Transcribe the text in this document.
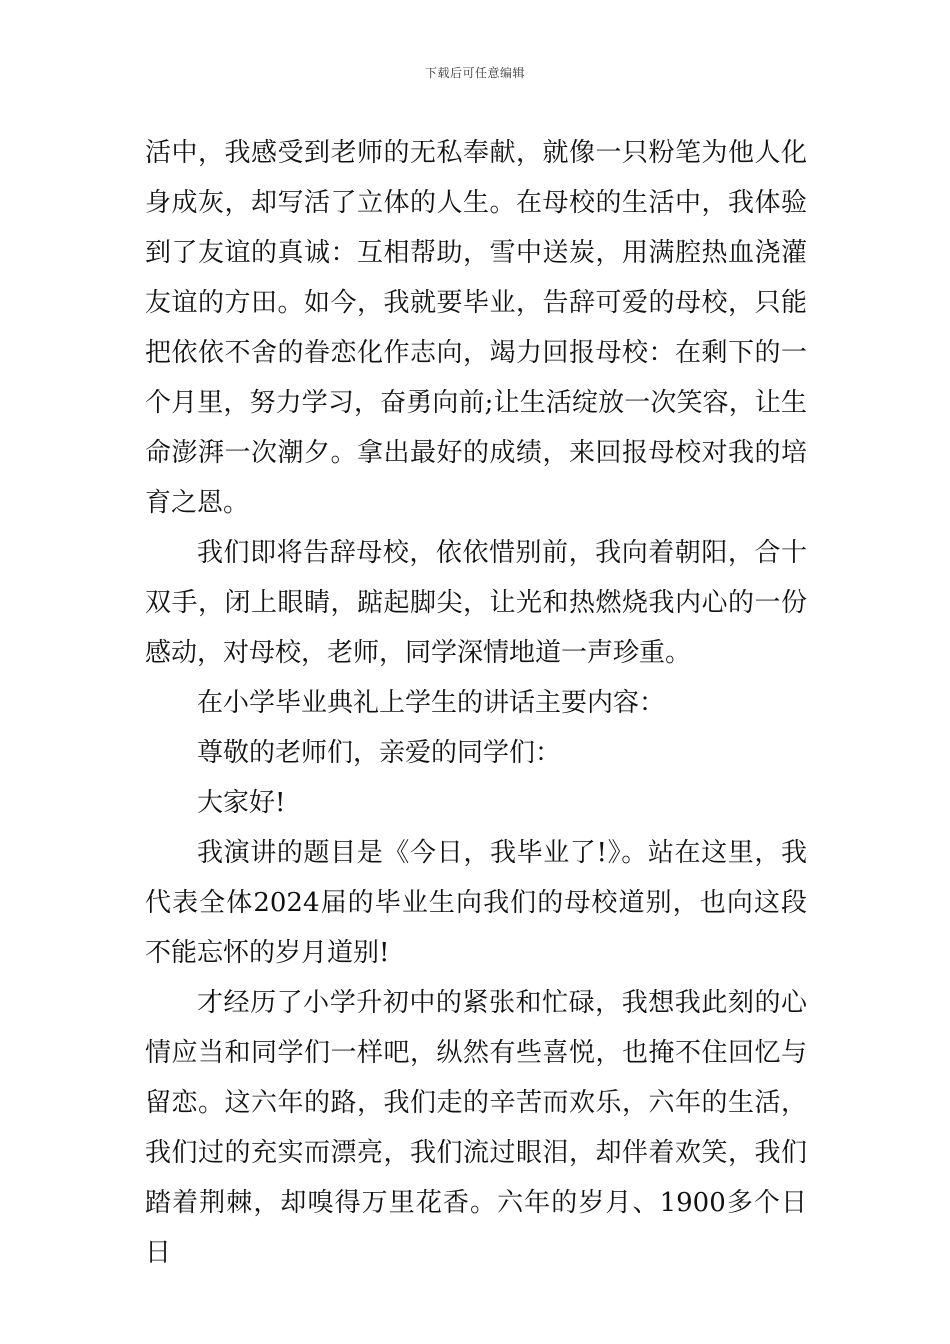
下载后可任意编辑

活中，我感受到老师的无私奉献，就像一只粉笔为他人化身成灰，却写活了立体的人生。在母校的生活中，我体验到了友谊的真诚：互相帮助，雪中送炭，用满腔热血浇灌友谊的方田。如今，我就要毕业，告辞可爱的母校，只能把依依不舍的眷恋化作志向，竭力回报母校：在剩下的一个月里，努力学习，奋勇向前;让生活绽放一次笑容，让生命澎湃一次潮夕。拿出最好的成绩，来回报母校对我的培育之恩。

我们即将告辞母校，依依惜别前，我向着朝阳，合十双手，闭上眼睛，踮起脚尖，让光和热燃烧我内心的一份感动，对母校，老师，同学深情地道一声珍重。

在小学毕业典礼上学生的讲话主要内容：

尊敬的老师们，亲爱的同学们：

大家好!

我演讲的题目是《今日，我毕业了!》。站在这里，我代表全体2024届的毕业生向我们的母校道别，也向这段不能忘怀的岁月道别!

才经历了小学升初中的紧张和忙碌，我想我此刻的心情应当和同学们一样吧，纵然有些喜悦，也掩不住回忆与留恋。这六年的路，我们走的辛苦而欢乐，六年的生活，我们过的充实而漂亮，我们流过眼泪，却伴着欢笑，我们踏着荆棘，却嗅得万里花香。六年的岁月、1900多个日日
